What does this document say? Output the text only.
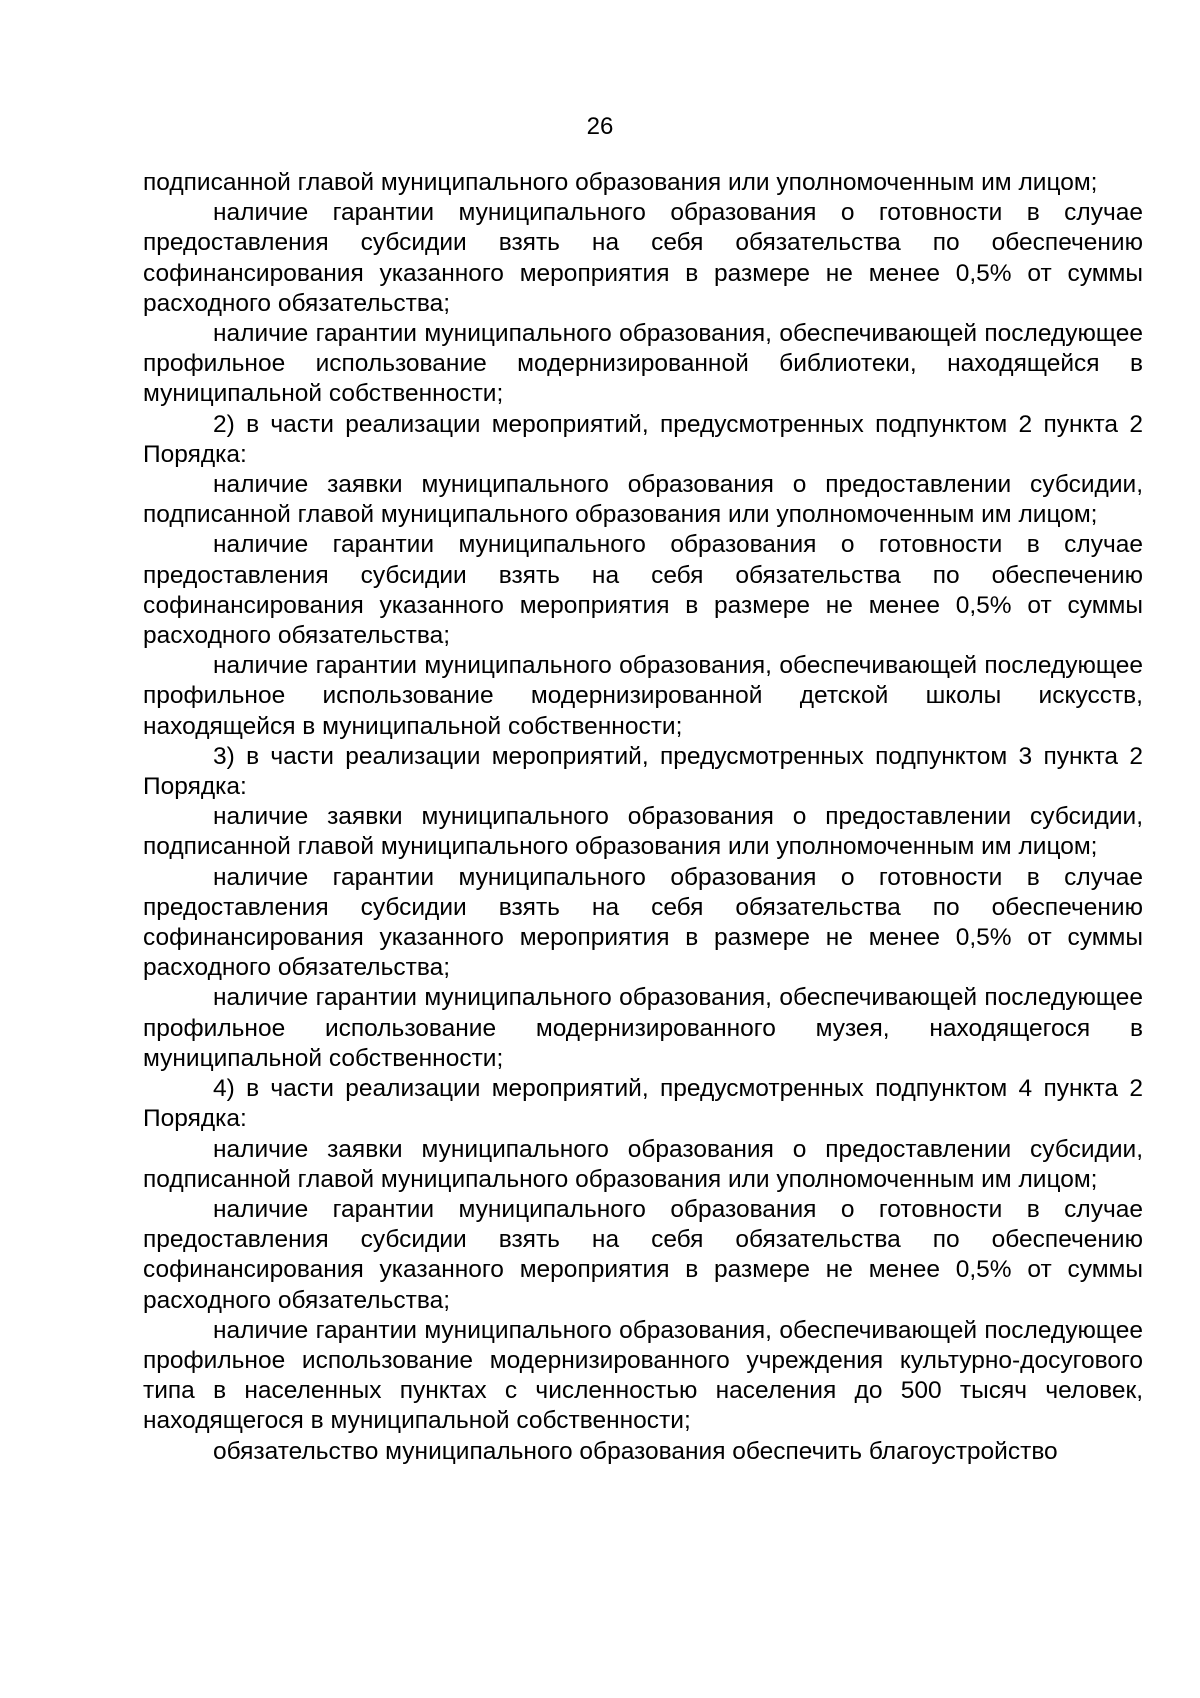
26

подписанной главой муниципального образования или уполномоченным им лицом;

наличие гарантии муниципального образования о готовности в случае предоставления субсидии взять на себя обязательства по обеспечению софинансирования указанного мероприятия в размере не менее 0,5% от суммы расходного обязательства;

наличие гарантии муниципального образования, обеспечивающей последующее профильное использование модернизированной библиотеки, находящейся в муниципальной собственности;

2) в части реализации мероприятий, предусмотренных подпунктом 2 пункта 2 Порядка:

наличие заявки муниципального образования о предоставлении субсидии, подписанной главой муниципального образования или уполномоченным им лицом;

наличие гарантии муниципального образования о готовности в случае предоставления субсидии взять на себя обязательства по обеспечению софинансирования указанного мероприятия в размере не менее 0,5% от суммы расходного обязательства;

наличие гарантии муниципального образования, обеспечивающей последующее профильное использование модернизированной детской школы искусств, находящейся в муниципальной собственности;

3) в части реализации мероприятий, предусмотренных подпунктом 3 пункта 2 Порядка:

наличие заявки муниципального образования о предоставлении субсидии, подписанной главой муниципального образования или уполномоченным им лицом;

наличие гарантии муниципального образования о готовности в случае предоставления субсидии взять на себя обязательства по обеспечению софинансирования указанного мероприятия в размере не менее 0,5% от суммы расходного обязательства;

наличие гарантии муниципального образования, обеспечивающей последующее профильное использование модернизированного музея, находящегося в муниципальной собственности;

4) в части реализации мероприятий, предусмотренных подпунктом 4 пункта 2 Порядка:

наличие заявки муниципального образования о предоставлении субсидии, подписанной главой муниципального образования или уполномоченным им лицом;

наличие гарантии муниципального образования о готовности в случае предоставления субсидии взять на себя обязательства по обеспечению софинансирования указанного мероприятия в размере не менее 0,5% от суммы расходного обязательства;

наличие гарантии муниципального образования, обеспечивающей последующее профильное использование модернизированного учреждения культурно-досугового типа в населенных пунктах с численностью населения до 500 тысяч человек, находящегося в муниципальной собственности;

обязательство муниципального образования обеспечить благоустройство
